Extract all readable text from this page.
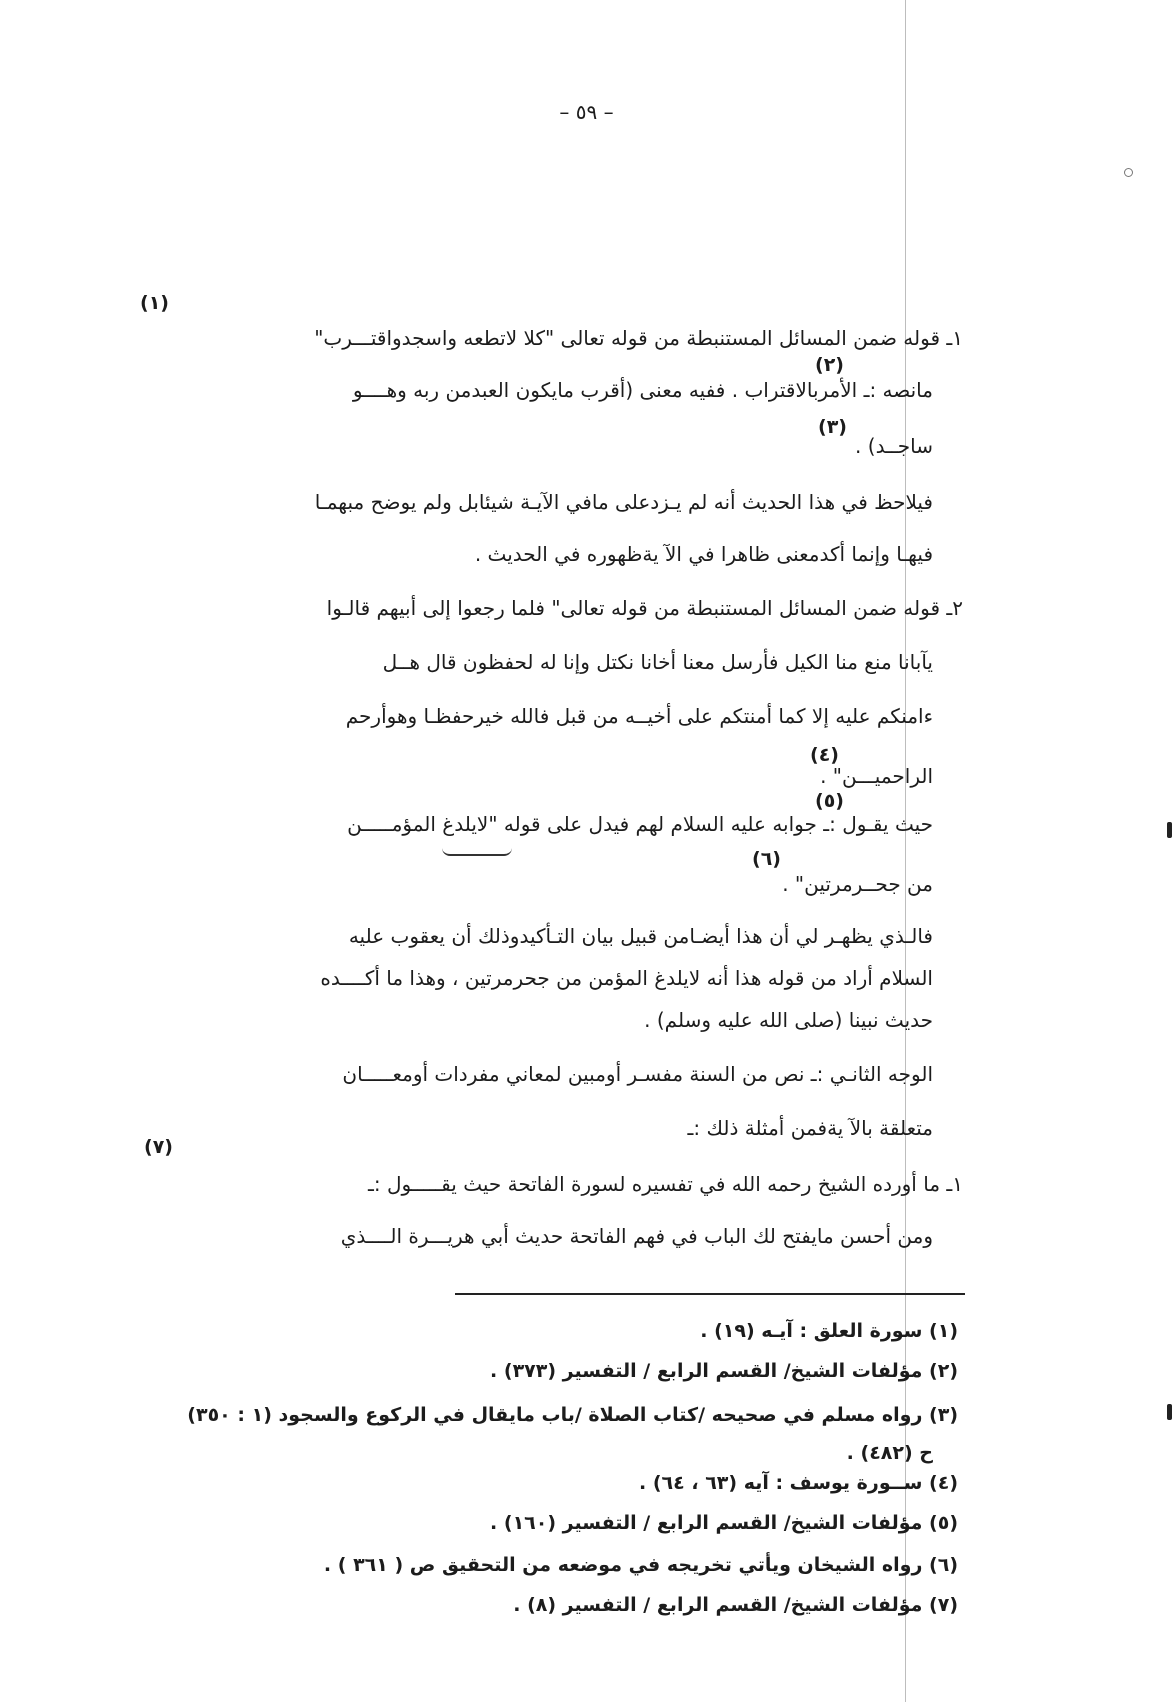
– ٥٩ –
١ـ قوله ضمن المسائل المستنبطة من قوله تعالى "كلا لاتطعه واسجدواقتـــرب"
مانصه :ـ الأمربالاقتراب . ففيه معنى (أقرب مايكون العبدمن ربه وهــــو
ساجــد) .
فيلاحظ في هذا الحديث أنه لم يـزدعلى مافي الآيـة شيئابل ولم يوضح مبهمـا
فيهـا وإنما أكدمعنى ظاهرا في الآ يةظهوره في الحديث .
٢ـ قوله ضمن المسائل المستنبطة من قوله تعالى" فلما رجعوا إلى أبيهم قالـوا
يآبانا منع منا الكيل فأرسل معنا أخانا نكتل وإنا له لحفظون قال هــل
ءامنكم عليه إلا كما أمنتكم على أخيــه من قبل فالله خيرحفظـا وهوأرحم
الراحميـــن" .
حيث يقـول :ـ جوابه عليه السلام لهم فيدل على قوله "لايلدغ المؤمـــــن
من جحــرمرتين" .
فالـذي يظهـر لي أن هذا أيضـامن قبيل بيان التـأكيدوذلك أن يعقوب عليه
السلام أراد من قوله هذا أنه لايلدغ المؤمن من جحرمرتين ، وهذا ما أكــــده
حديث نبينا (صلى الله عليه وسلم) .
الوجه الثانـي :ـ نص من السنة مفسـر أومبين لمعاني مفردات أومعـــــان
متعلقة بالآ يةفمن أمثلة ذلك :ـ
١ـ ما أورده الشيخ رحمه الله في تفسيره لسورة الفاتحة حيث يقـــــول :ـ
ومن أحسن مايفتح لك الباب في فهم الفاتحة حديث أبي هريـــرة الــــذي
(١)
(٢)
(٣)
(٤)
(٥)
(٦)
(٧)
(١) سورة العلق : آيـه (١٩) .
(٢) مؤلفات الشيخ/ القسم الرابع / التفسير (٣٧٣) .
(٣) رواه مسلم في صحيحه /كتاب الصلاة /باب مايقال في الركوع والسجود (١ : ٣٥٠)
ح (٤٨٢) .
(٤) ســورة يوسف : آيه (٦٣ ، ٦٤) .
(٥) مؤلفات الشيخ/ القسم الرابع / التفسير (١٦٠) .
(٦) رواه الشيخان ويأتي تخريجه في موضعه من التحقيق ص ( ٣٦١ ) .
(٧) مؤلفات الشيخ/ القسم الرابع / التفسير (٨) .
